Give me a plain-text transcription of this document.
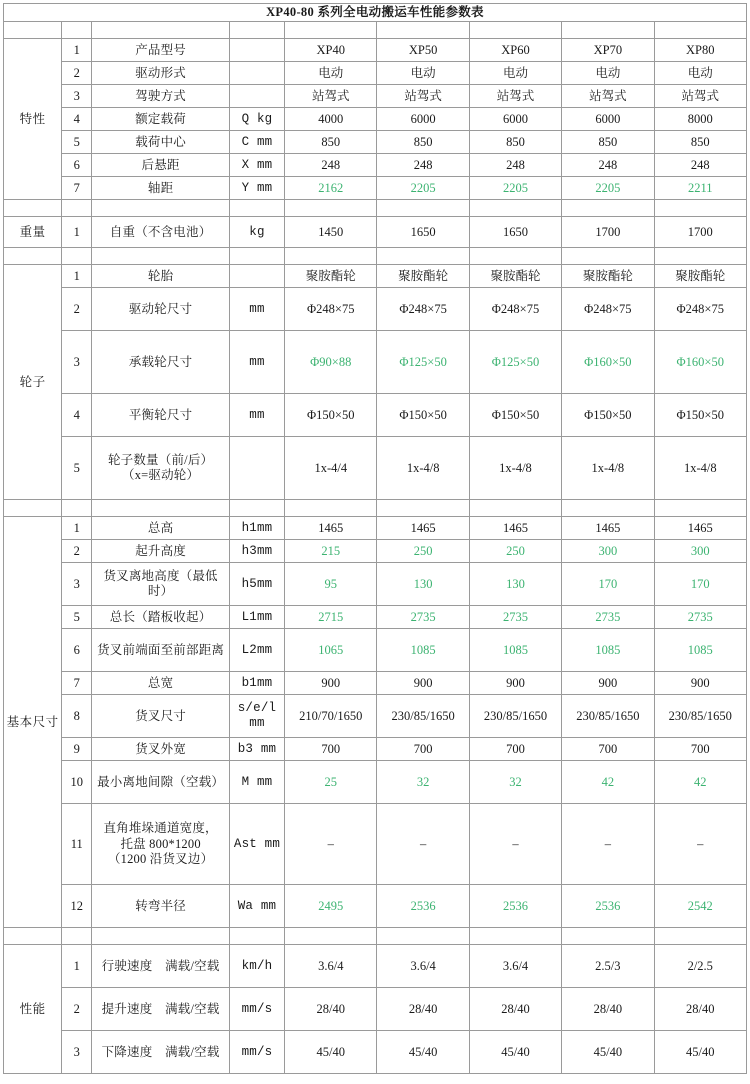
XP40-80 系列全电动搬运车性能参数表								

特性	1	产品型号		XP40	XP50	XP60	XP70	XP80
	2	驱动形式		电动	电动	电动	电动	电动
	3	驾驶方式		站驾式	站驾式	站驾式	站驾式	站驾式
	4	额定载荷	Q kg	4000	6000	6000	6000	8000
	5	载荷中心	C mm	850	850	850	850	850
	6	后悬距	X mm	248	248	248	248	248
	7	轴距	Y mm	2162	2205	2205	2205	2211

重量	1	自重（不含电池）	kg	1450	1650	1650	1700	1700

轮子	1	轮胎		聚胺酯轮	聚胺酯轮	聚胺酯轮	聚胺酯轮	聚胺酯轮
	2	驱动轮尺寸	mm	Φ248×75	Φ248×75	Φ248×75	Φ248×75	Φ248×75
	3	承载轮尺寸	mm	Φ90×88	Φ125×50	Φ125×50	Φ160×50	Φ160×50
	4	平衡轮尺寸	mm	Φ150×50	Φ150×50	Φ150×50	Φ150×50	Φ150×50
	5	轮子数量（前/后）
（x=驱动轮）		1x-4/4	1x-4/8	1x-4/8	1x-4/8	1x-4/8

基本尺寸	1	总高	h1mm	1465	1465	1465	1465	1465
	2	起升高度	h3mm	215	250	250	300	300
	3	货叉离地高度（最低时）	h5mm	95	130	130	170	170
	5	总长（踏板收起）	L1mm	2715	2735	2735	2735	2735
	6	货叉前端面至前部距离	L2mm	1065	1085	1085	1085	1085
	7	总宽	b1mm	900	900	900	900	900
	8	货叉尺寸	s/e/l mm	210/70/1650	230/85/1650	230/85/1650	230/85/1650	230/85/1650
	9	货叉外宽	b3 mm	700	700	700	700	700
	10	最小离地间隙（空载）	M mm	25	32	32	42	42
	11	直角堆垛通道宽度，
托盘 800*1200
（1200 沿货叉边）	Ast mm	–	–	–	–	–
	12	转弯半径	Wa mm	2495	2536	2536	2536	2542

性能	1	行驶速度　满载/空载	km/h	3.6/4	3.6/4	3.6/4	2.5/3	2/2.5
	2	提升速度　满载/空载	mm/s	28/40	28/40	28/40	28/40	28/40
	3	下降速度　满载/空载	mm/s	45/40	45/40	45/40	45/40	45/40
